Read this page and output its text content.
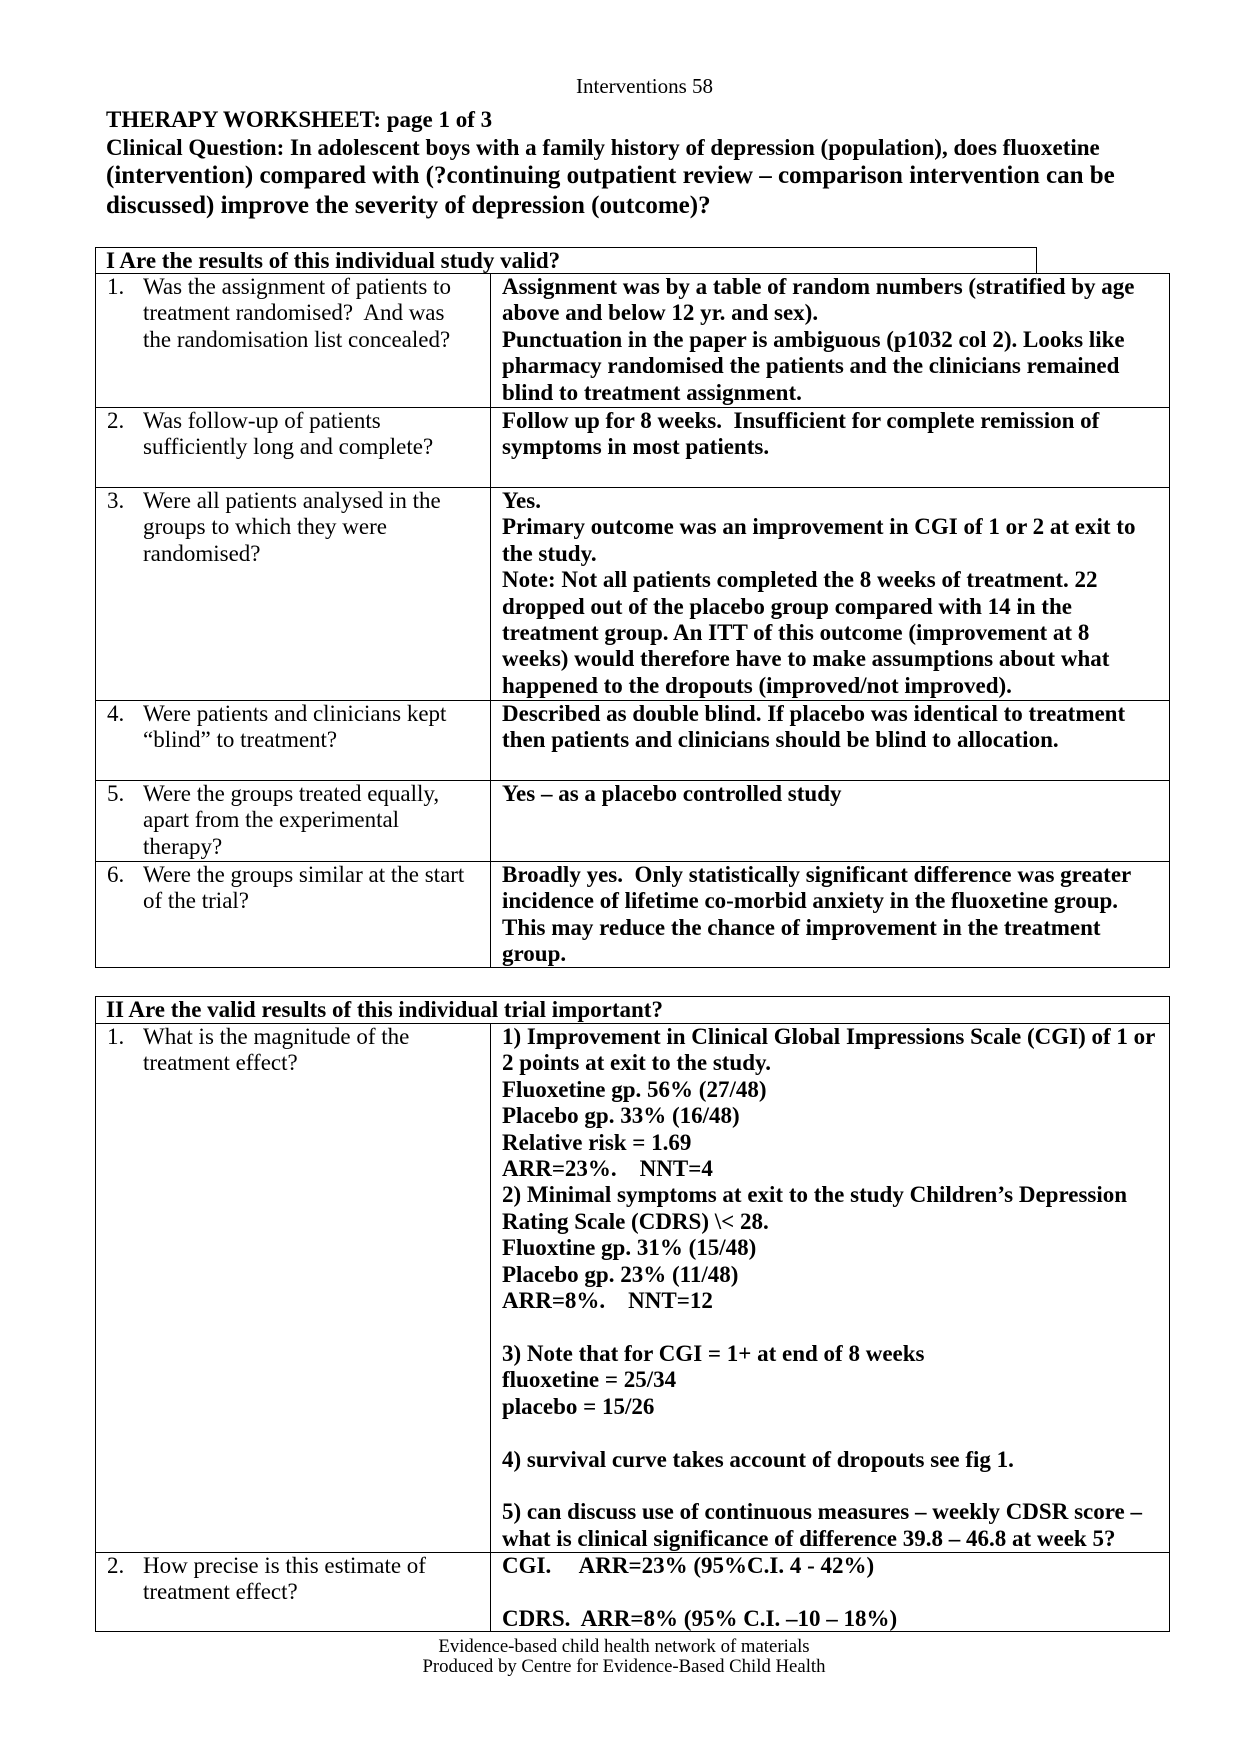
Interventions 58
THERAPY WORKSHEET: page 1 of 3
Clinical Question: In adolescent boys with a family history of depression (population), does fluoxetine
(intervention) compared with (?continuing outpatient review – comparison intervention can be
discussed) improve the severity of depression (outcome)?
I Are the results of this individual study valid?
1. Was the assignment of patients to
treatment randomised?  And was
the randomisation list concealed?
Assignment was by a table of random numbers (stratified by age
above and below 12 yr. and sex).
Punctuation in the paper is ambiguous (p1032 col 2). Looks like
pharmacy randomised the patients and the clinicians remained
blind to treatment assignment.
2. Was follow-up of patients
sufficiently long and complete?
Follow up for 8 weeks.  Insufficient for complete remission of
symptoms in most patients.
3. Were all patients analysed in the
groups to which they were
randomised?
Yes.
Primary outcome was an improvement in CGI of 1 or 2 at exit to
the study.
Note: Not all patients completed the 8 weeks of treatment. 22
dropped out of the placebo group compared with 14 in the
treatment group. An ITT of this outcome (improvement at 8
weeks) would therefore have to make assumptions about what
happened to the dropouts (improved/not improved).
4. Were patients and clinicians kept
“blind” to treatment?
Described as double blind. If placebo was identical to treatment
then patients and clinicians should be blind to allocation.
5. Were the groups treated equally,
apart from the experimental
therapy?
Yes – as a placebo controlled study
6. Were the groups similar at the start
of the trial?
Broadly yes.  Only statistically significant difference was greater
incidence of lifetime co-morbid anxiety in the fluoxetine group.
This may reduce the chance of improvement in the treatment
group.
II Are the valid results of this individual trial important?
1. What is the magnitude of the
treatment effect?
1) Improvement in Clinical Global Impressions Scale (CGI) of 1 or
2 points at exit to the study.
Fluoxetine gp. 56% (27/48)
Placebo gp. 33% (16/48)
Relative risk = 1.69
ARR=23%.    NNT=4
2) Minimal symptoms at exit to the study Children’s Depression
Rating Scale (CDRS) \< 28.
Fluoxtine gp. 31% (15/48)
Placebo gp. 23% (11/48)
ARR=8%.    NNT=12

3) Note that for CGI = 1+ at end of 8 weeks
fluoxetine = 25/34
placebo = 15/26

4) survival curve takes account of dropouts see fig 1.

5) can discuss use of continuous measures – weekly CDSR score –
what is clinical significance of difference 39.8 – 46.8 at week 5?
2. How precise is this estimate of
treatment effect?
CGI.     ARR=23% (95%C.I. 4 - 42%)

CDRS.  ARR=8% (95% C.I. –10 – 18%)
Evidence-based child health network of materials
Produced by Centre for Evidence-Based Child Health
